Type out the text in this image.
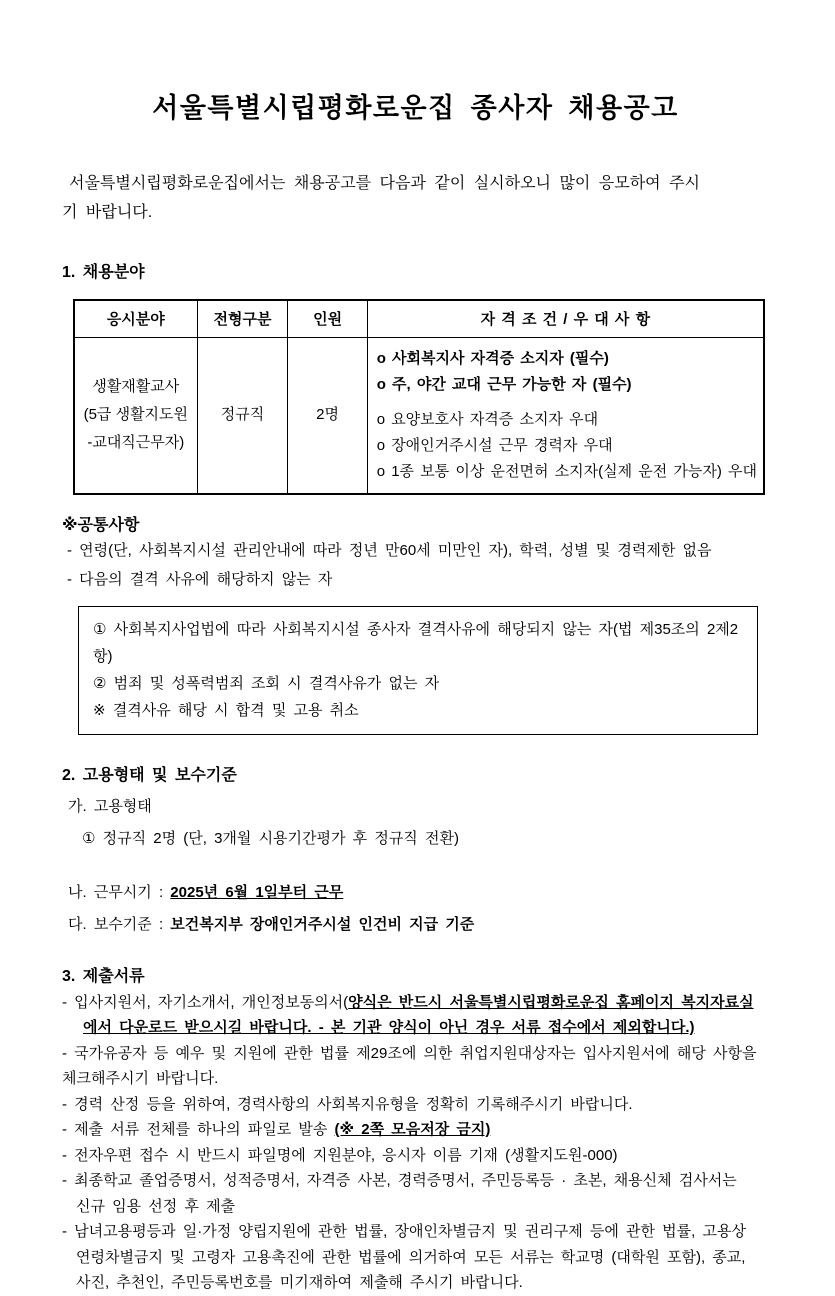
서울특별시립평화로운집 종사자 채용공고
서울특별시립평화로운집에서는 채용공고를 다음과 같이 실시하오니 많이 응모하여 주시
기 바랍니다.
1. 채용분야
응시분야	전형구분	인원	자 격 조 건 / 우 대 사 항

생활재활교사
(5급 생활지도원
-교대직근무자)
	정규직	2명	
o 사회복지사 자격증 소지자 (필수)
o 주, 야간 교대 근무 가능한 자 (필수)
o 요양보호사 자격증 소지자 우대
o 장애인거주시설 근무 경력자 우대
o 1종 보통 이상 운전면허 소지자(실제 운전 가능자) 우대
※공통사항
- 연령(단, 사회복지시설 관리안내에 따라 정년 만60세 미만인 자), 학력, 성별 및 경력제한 없음
- 다음의 결격 사유에 해당하지 않는 자
① 사회복지사업법에 따라 사회복지시설 종사자 결격사유에 해당되지 않는 자(법 제35조의 2제2항)
② 범죄 및 성폭력범죄 조회 시 결격사유가 없는 자
※ 결격사유 해당 시 합격 및 고용 취소
2. 고용형태 및 보수기준
가. 고용형태
① 정규직 2명 (단, 3개월 시용기간평가 후 정규직 전환)
나. 근무시기 : 2025년 6월 1일부터 근무
다. 보수기준 : 보건복지부 장애인거주시설 인건비 지급 기준
3. 제출서류
- 입사지원서, 자기소개서, 개인정보동의서(양식은 반드시 서울특별시립평화로운집 홈페이지 복지자료실
에서 다운로드 받으시길 바랍니다. - 본 기관 양식이 아닌 경우 서류 접수에서 제외합니다.)
- 국가유공자 등 예우 및 지원에 관한 법률 제29조에 의한 취업지원대상자는 입사지원서에 해당 사항을
체크해주시기 바랍니다.
- 경력 산정 등을 위하여, 경력사항의 사회복지유형을 정확히 기록해주시기 바랍니다.
- 제출 서류 전체를 하나의 파일로 발송 (※ 2쪽 모음저장 금지)
- 전자우편 접수 시 반드시 파일명에 지원분야, 응시자 이름 기재 (생활지도원-000)
- 최종학교 졸업증명서, 성적증명서, 자격증 사본, 경력증명서, 주민등록등 · 초본, 채용신체 검사서는
신규 임용 선정 후 제출
- 남녀고용평등과 일·가정 양립지원에 관한 법률, 장애인차별금지 및 권리구제 등에 관한 법률, 고용상
연령차별금지 및 고령자 고용촉진에 관한 법률에 의거하여 모든 서류는 학교명 (대학원 포함), 종교,
사진, 추천인, 주민등록번호를 미기재하여 제출해 주시기 바랍니다.
